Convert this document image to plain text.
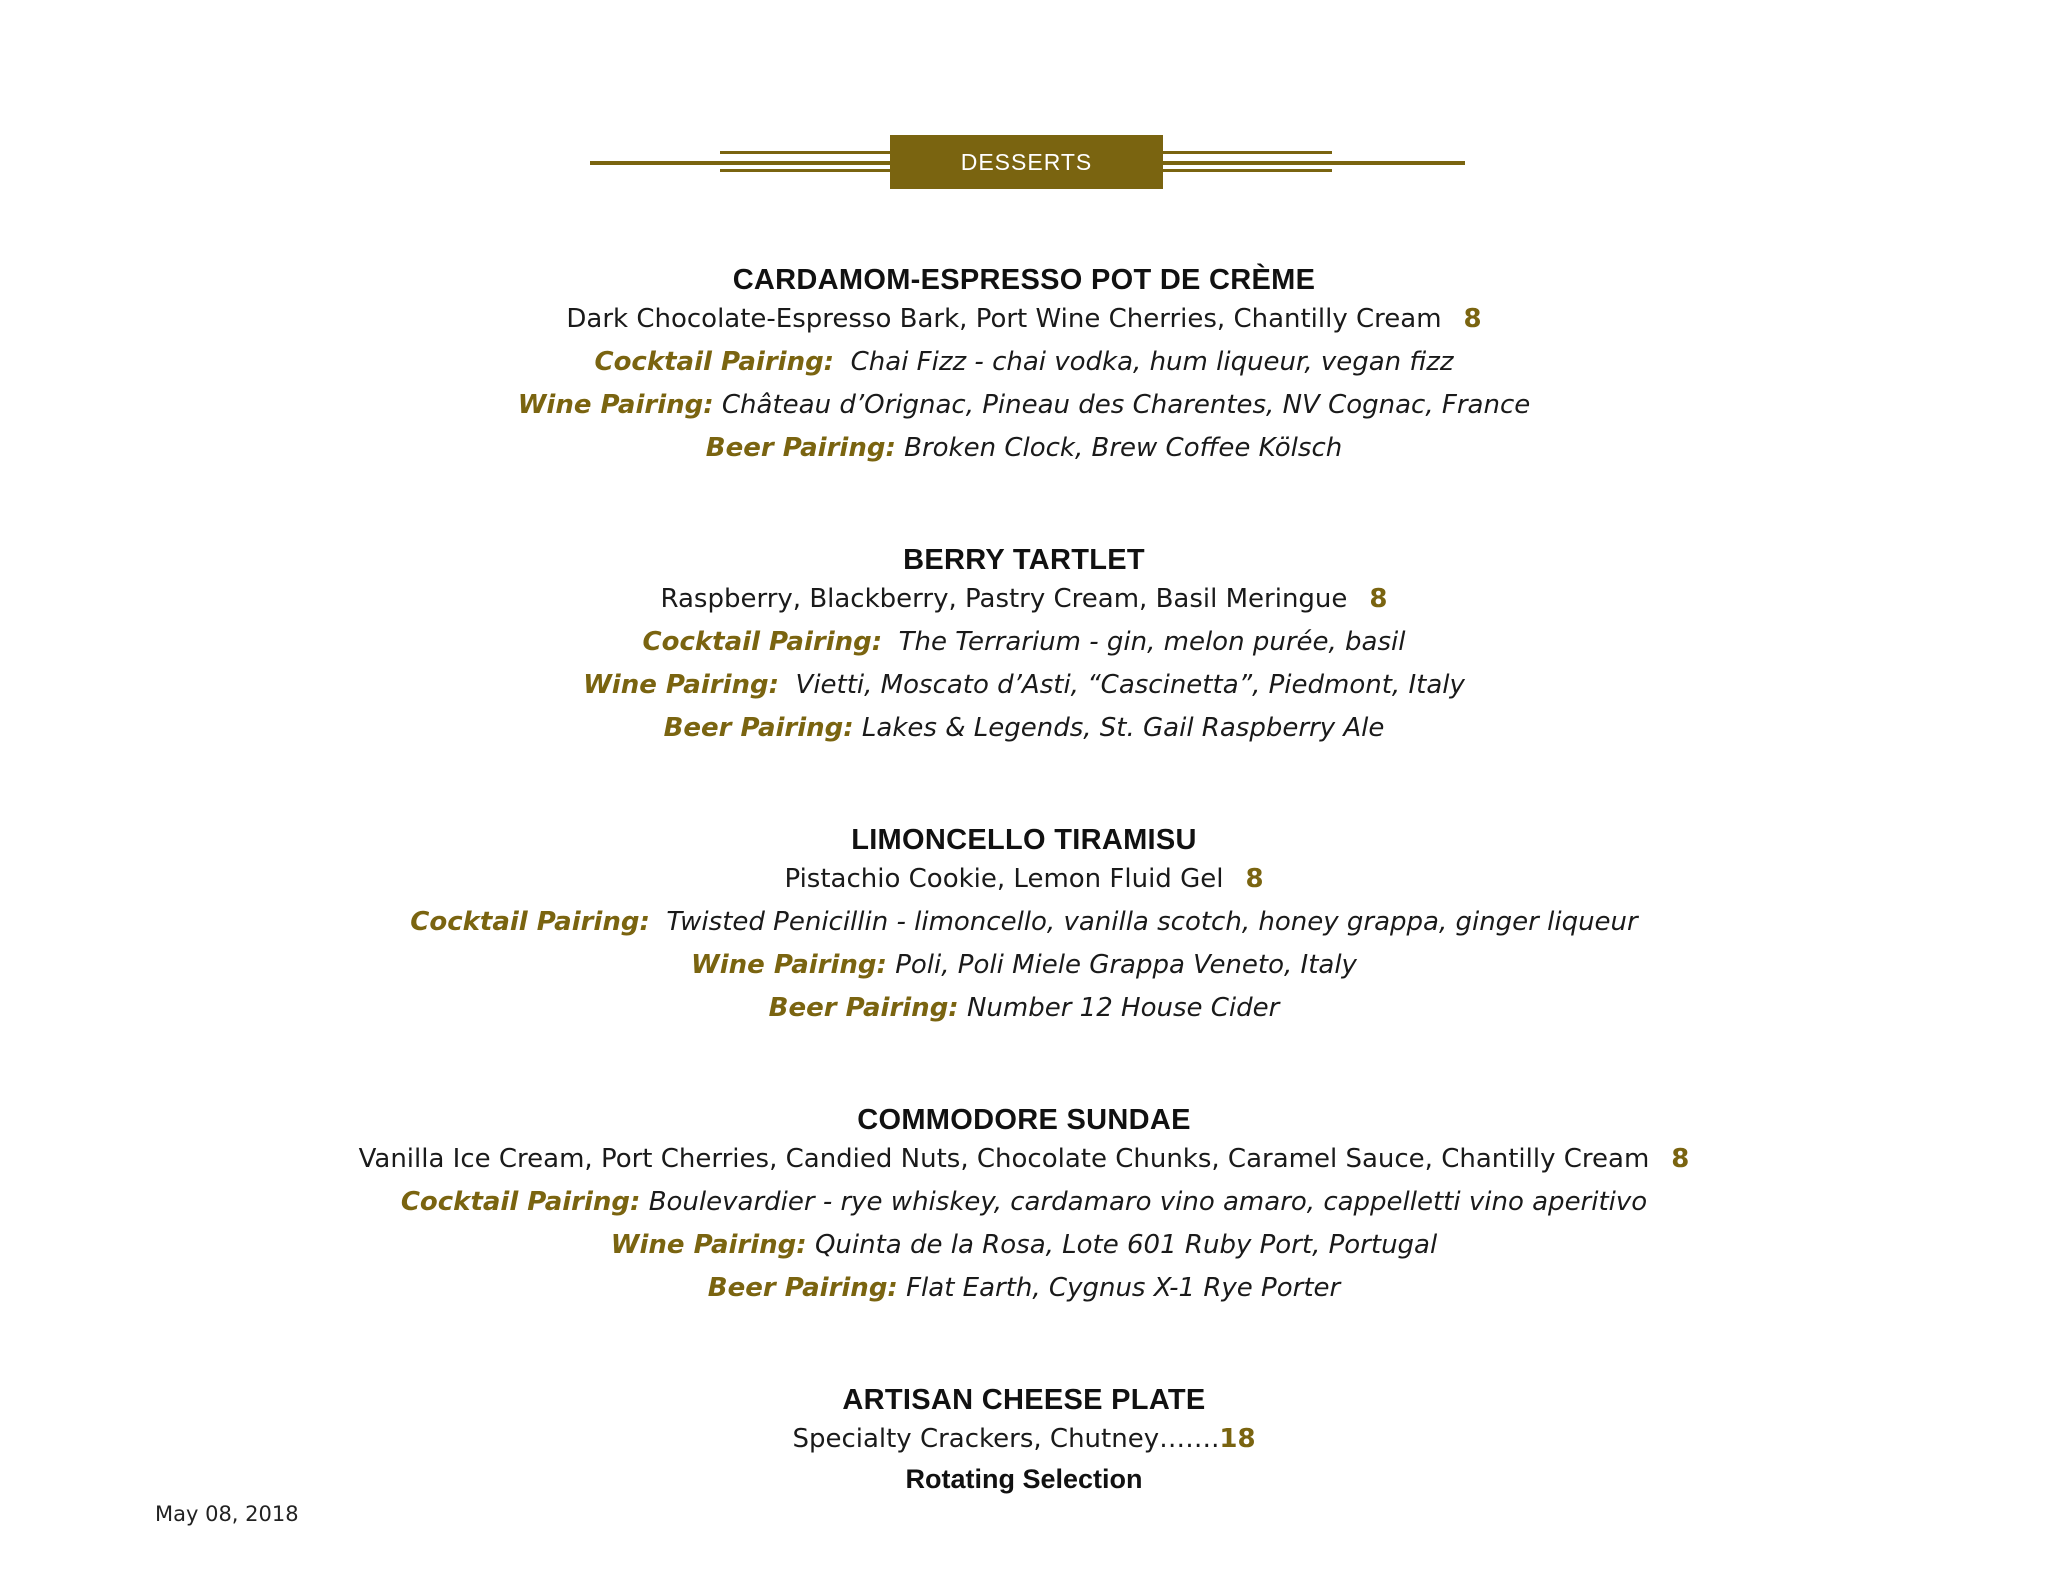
DESSERTS
CARDAMOM-ESPRESSO POT DE CRÈME
Dark Chocolate-Espresso Bark, Port Wine Cherries, Chantilly Cream 8
Cocktail Pairing: Chai Fizz - chai vodka, hum liqueur, vegan fizz
Wine Pairing: Château d’Orignac, Pineau des Charentes, NV Cognac, France
Beer Pairing: Broken Clock, Brew Coffee Kölsch
BERRY TARTLET
Raspberry, Blackberry, Pastry Cream, Basil Meringue 8
Cocktail Pairing: The Terrarium - gin, melon purée, basil
Wine Pairing: Vietti, Moscato d’Asti, “Cascinetta”, Piedmont, Italy
Beer Pairing: Lakes & Legends, St. Gail Raspberry Ale
LIMONCELLO TIRAMISU
Pistachio Cookie, Lemon Fluid Gel 8
Cocktail Pairing: Twisted Penicillin - limoncello, vanilla scotch, honey grappa, ginger liqueur
Wine Pairing: Poli, Poli Miele Grappa Veneto, Italy
Beer Pairing: Number 12 House Cider
COMMODORE SUNDAE
Vanilla Ice Cream, Port Cherries, Candied Nuts, Chocolate Chunks, Caramel Sauce, Chantilly Cream 8
Cocktail Pairing: Boulevardier - rye whiskey, cardamaro vino amaro, cappelletti vino aperitivo
Wine Pairing: Quinta de la Rosa, Lote 601 Ruby Port, Portugal
Beer Pairing: Flat Earth, Cygnus X-1 Rye Porter
ARTISAN CHEESE PLATE
Specialty Crackers, Chutney…….18
Rotating Selection
May 08, 2018
